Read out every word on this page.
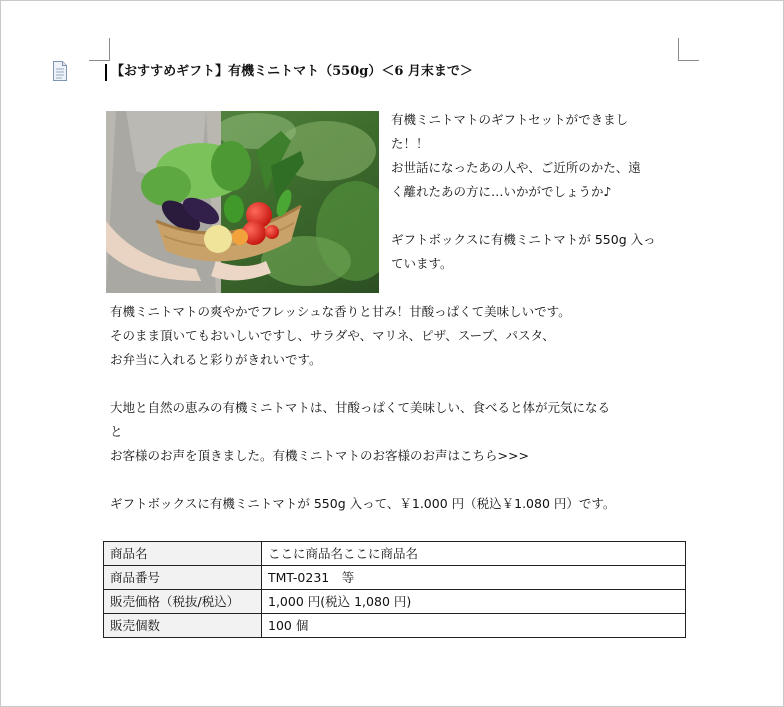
【おすすめギフト】有機ミニトマト（550g）＜6 月末まで＞

有機ミニトマトのギフトセットができまし

た！！

お世話になったあの人や、ご近所のかた、遠

く離れたあの方に…いかがでしょうか♪

ギフトボックスに有機ミニトマトが 550g 入っ

ています。

有機ミニトマトの爽やかでフレッシュな香りと甘み！甘酸っぱくて美味しいです。

そのまま頂いてもおいしいですし、サラダや、マリネ、ピザ、スープ、パスタ、

お弁当に入れると彩りがきれいです。

大地と自然の恵みの有機ミニトマトは、甘酸っぱくて美味しい、食べると体が元気になる

と

お客様のお声を頂きました。有機ミニトマトのお客様のお声はこちら>>>

ギフトボックスに有機ミニトマトが 550g 入って、￥1.000 円（税込￥1.080 円）です。

商品名	ここに商品名ここに商品名
商品番号	TMT-0231　等
販売価格（税抜/税込）	1,000 円(税込 1,080 円)
販売個数	100 個
